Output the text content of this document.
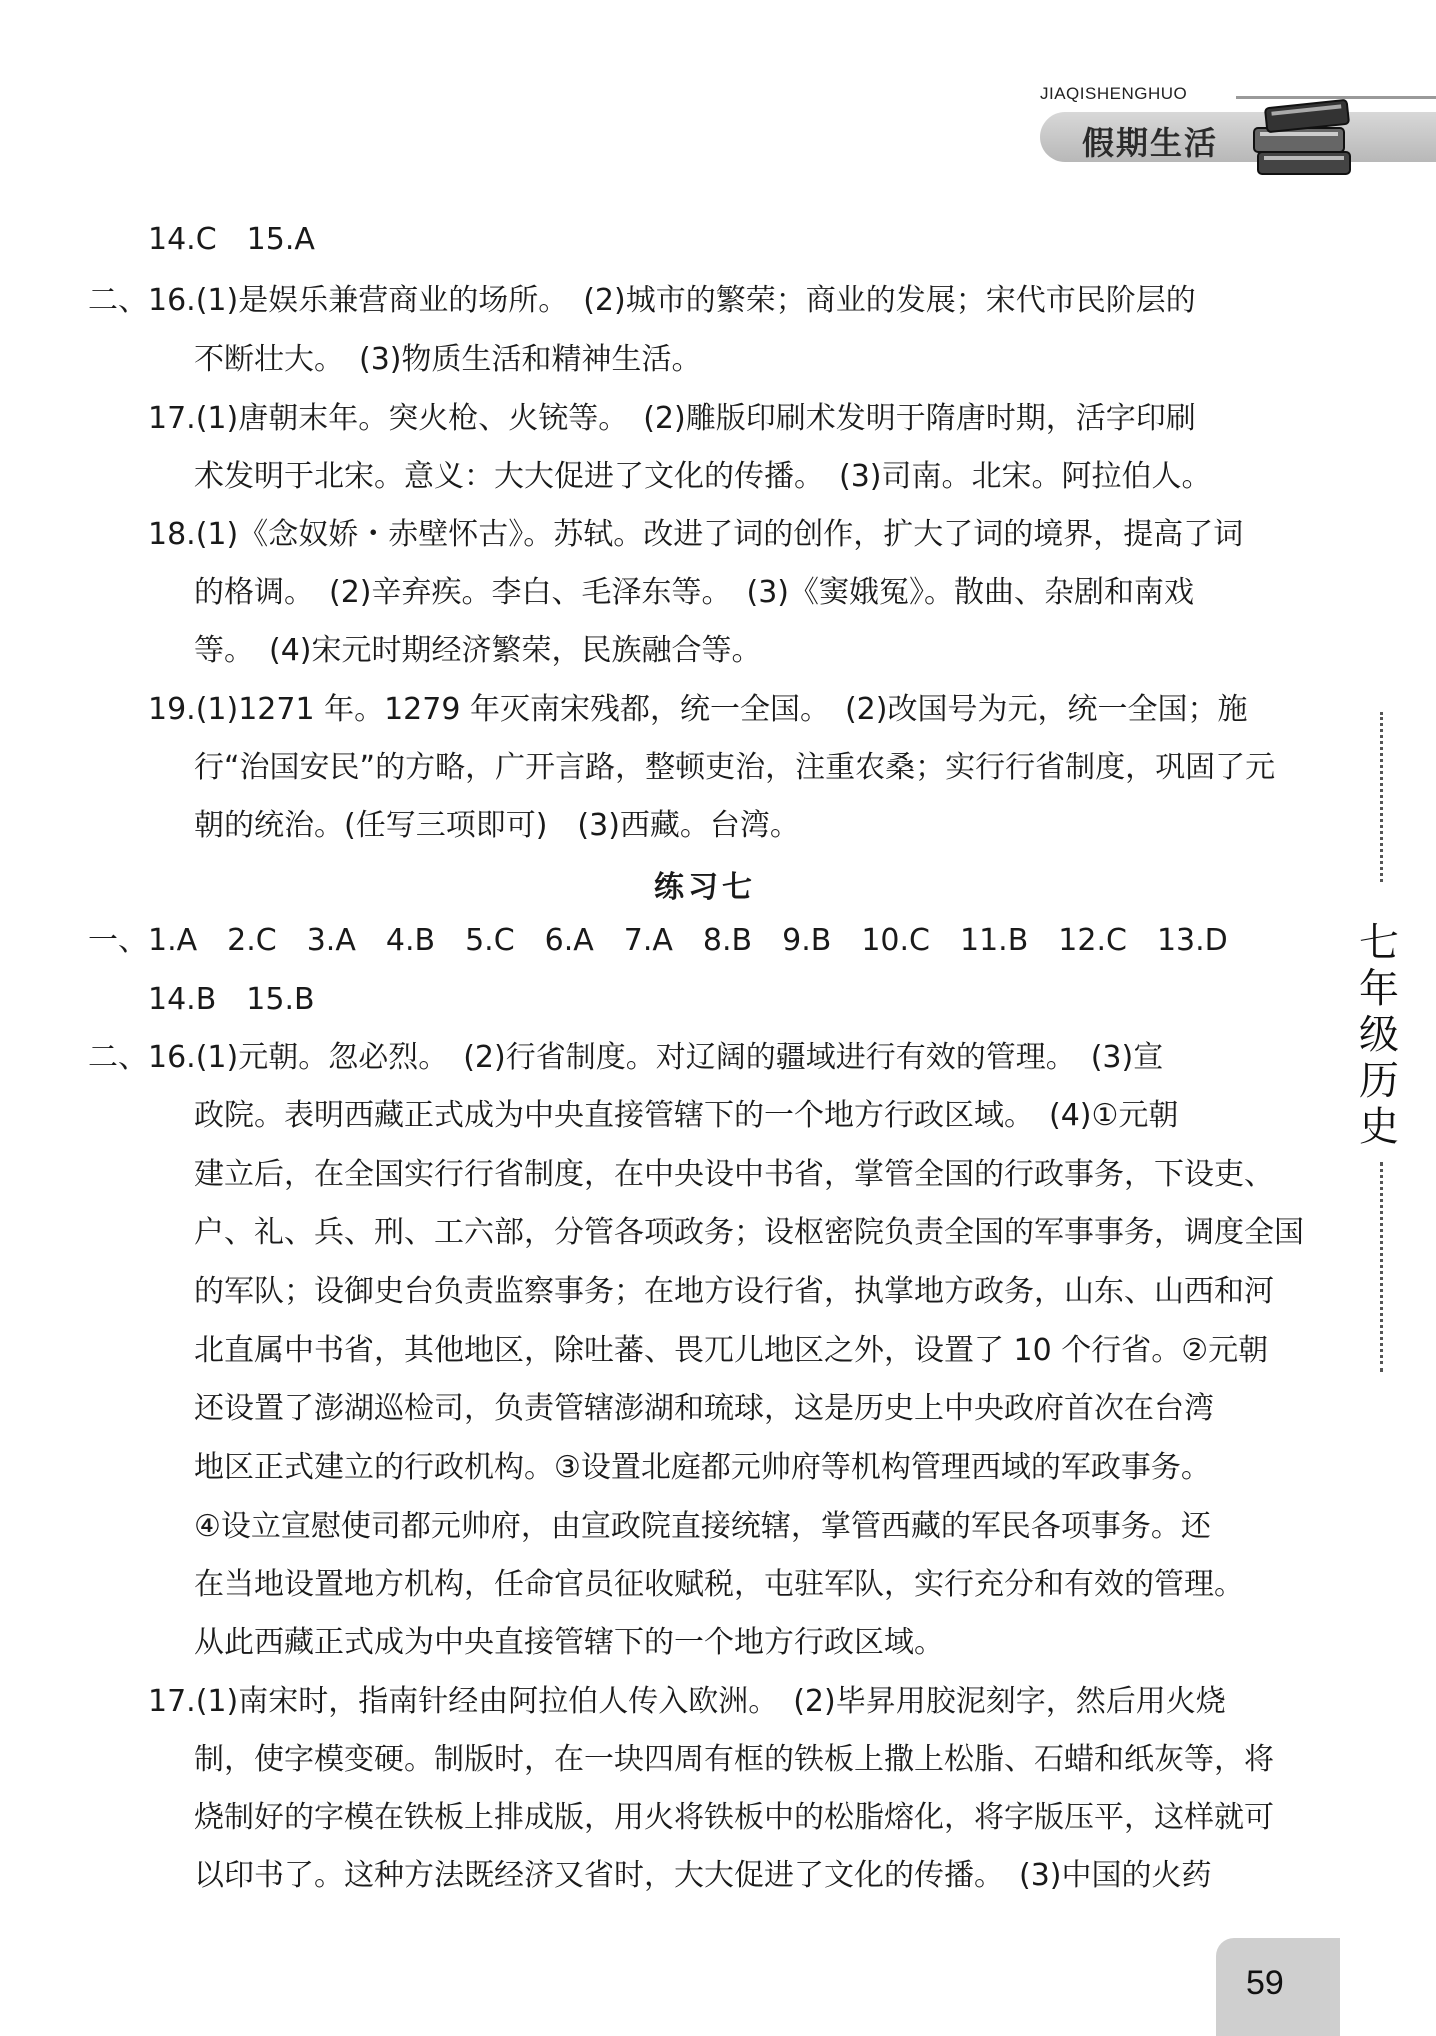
JIAQISHENGHUO
假期生活
七年级历史
14.C　15.A
二、16.(1)是娱乐兼营商业的场所。　(2)城市的繁荣；商业的发展；宋代市民阶层的
不断壮大。　(3)物质生活和精神生活。
17.(1)唐朝末年。突火枪、火铳等。　(2)雕版印刷术发明于隋唐时期，活字印刷
术发明于北宋。意义：大大促进了文化的传播。　(3)司南。北宋。阿拉伯人。
18.(1)《念奴娇・赤壁怀古》。苏轼。改进了词的创作，扩大了词的境界，提高了词
的格调。　(2)辛弃疾。李白、毛泽东等。　(3)《窦娥冤》。散曲、杂剧和南戏
等。　(4)宋元时期经济繁荣，民族融合等。
19.(1)1271 年。1279 年灭南宋残都，统一全国。　(2)改国号为元，统一全国；施
行“治国安民”的方略，广开言路，整顿吏治，注重农桑；实行行省制度，巩固了元
朝的统治。(任写三项即可)　(3)西藏。台湾。
练习七
一、1.A　2.C　3.A　4.B　5.C　6.A　7.A　8.B　9.B　10.C　11.B　12.C　13.D
14.B　15.B
二、16.(1)元朝。忽必烈。　(2)行省制度。对辽阔的疆域进行有效的管理。　(3)宣
政院。表明西藏正式成为中央直接管辖下的一个地方行政区域。　(4)①元朝
建立后，在全国实行行省制度，在中央设中书省，掌管全国的行政事务，下设吏、
户、礼、兵、刑、工六部，分管各项政务；设枢密院负责全国的军事事务，调度全国
的军队；设御史台负责监察事务；在地方设行省，执掌地方政务，山东、山西和河
北直属中书省，其他地区，除吐蕃、畏兀儿地区之外，设置了 10 个行省。②元朝
还设置了澎湖巡检司，负责管辖澎湖和琉球，这是历史上中央政府首次在台湾
地区正式建立的行政机构。③设置北庭都元帅府等机构管理西域的军政事务。
④设立宣慰使司都元帅府，由宣政院直接统辖，掌管西藏的军民各项事务。还
在当地设置地方机构，任命官员征收赋税，屯驻军队，实行充分和有效的管理。
从此西藏正式成为中央直接管辖下的一个地方行政区域。
17.(1)南宋时，指南针经由阿拉伯人传入欧洲。　(2)毕昇用胶泥刻字，然后用火烧
制，使字模变硬。制版时，在一块四周有框的铁板上撒上松脂、石蜡和纸灰等，将
烧制好的字模在铁板上排成版，用火将铁板中的松脂熔化，将字版压平，这样就可
以印书了。这种方法既经济又省时，大大促进了文化的传播。　(3)中国的火药
59
